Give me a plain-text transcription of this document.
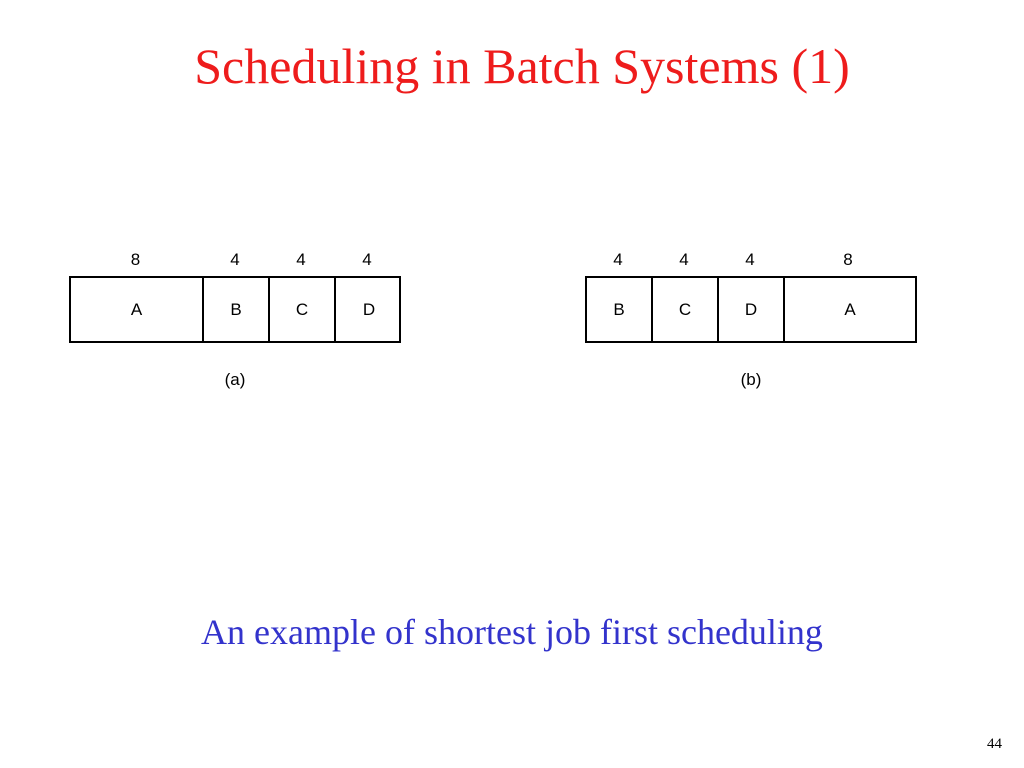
Scheduling in Batch Systems (1)
8	4	4	4
A	B	C	D
(a)
4	4	4	8
B	C	D	A
(b)
An example of shortest job first scheduling
44
